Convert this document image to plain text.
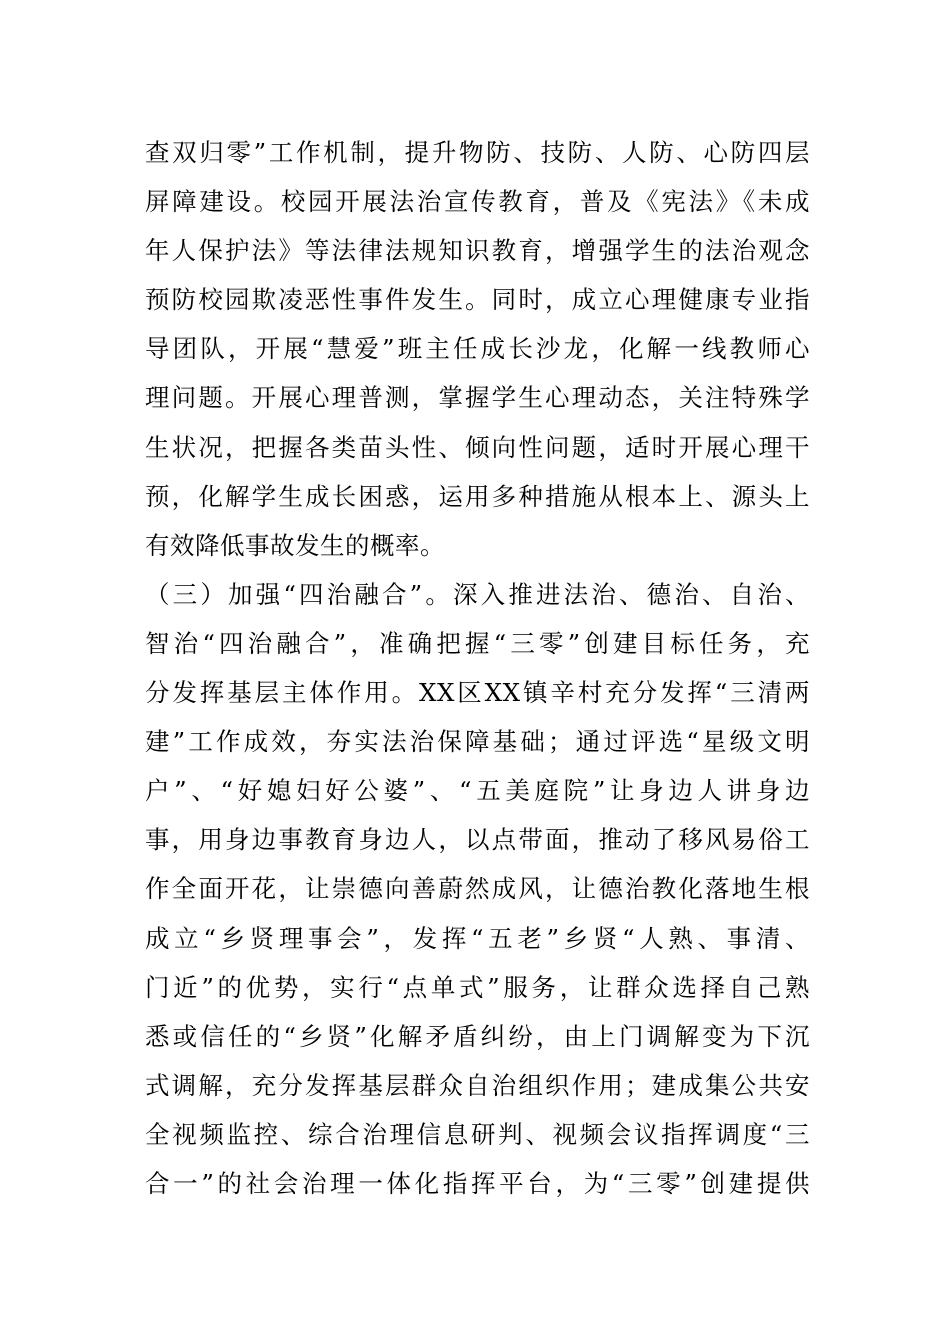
查双归零”工作机制，提升物防、技防、人防、心防四层
屏障建设。校园开展法治宣传教育，普及《宪法》《未成
年人保护法》等法律法规知识教育，增强学生的法治观念
预防校园欺凌恶性事件发生。同时，成立心理健康专业指
导团队，开展“慧爱”班主任成长沙龙，化解一线教师心
理问题。开展心理普测，掌握学生心理动态，关注特殊学
生状况，把握各类苗头性、倾向性问题，适时开展心理干
预，化解学生成长困惑，运用多种措施从根本上、源头上
有效降低事故发生的概率。
（三）加强“四治融合”。深入推进法治、德治、自治、
智治“四治融合”，准确把握“三零”创建目标任务，充
分发挥基层主体作用。XX区XX镇辛村充分发挥“三清两
建”工作成效，夯实法治保障基础；通过评选“星级文明
户”、“好媳妇好公婆”、“五美庭院”让身边人讲身边
事，用身边事教育身边人，以点带面，推动了移风易俗工
作全面开花，让崇德向善蔚然成风，让德治教化落地生根
成立“乡贤理事会”，发挥“五老”乡贤“人熟、事清、
门近”的优势，实行“点单式”服务，让群众选择自己熟
悉或信任的“乡贤”化解矛盾纠纷，由上门调解变为下沉
式调解，充分发挥基层群众自治组织作用；建成集公共安
全视频监控、综合治理信息研判、视频会议指挥调度“三
合一”的社会治理一体化指挥平台，为“三零”创建提供
